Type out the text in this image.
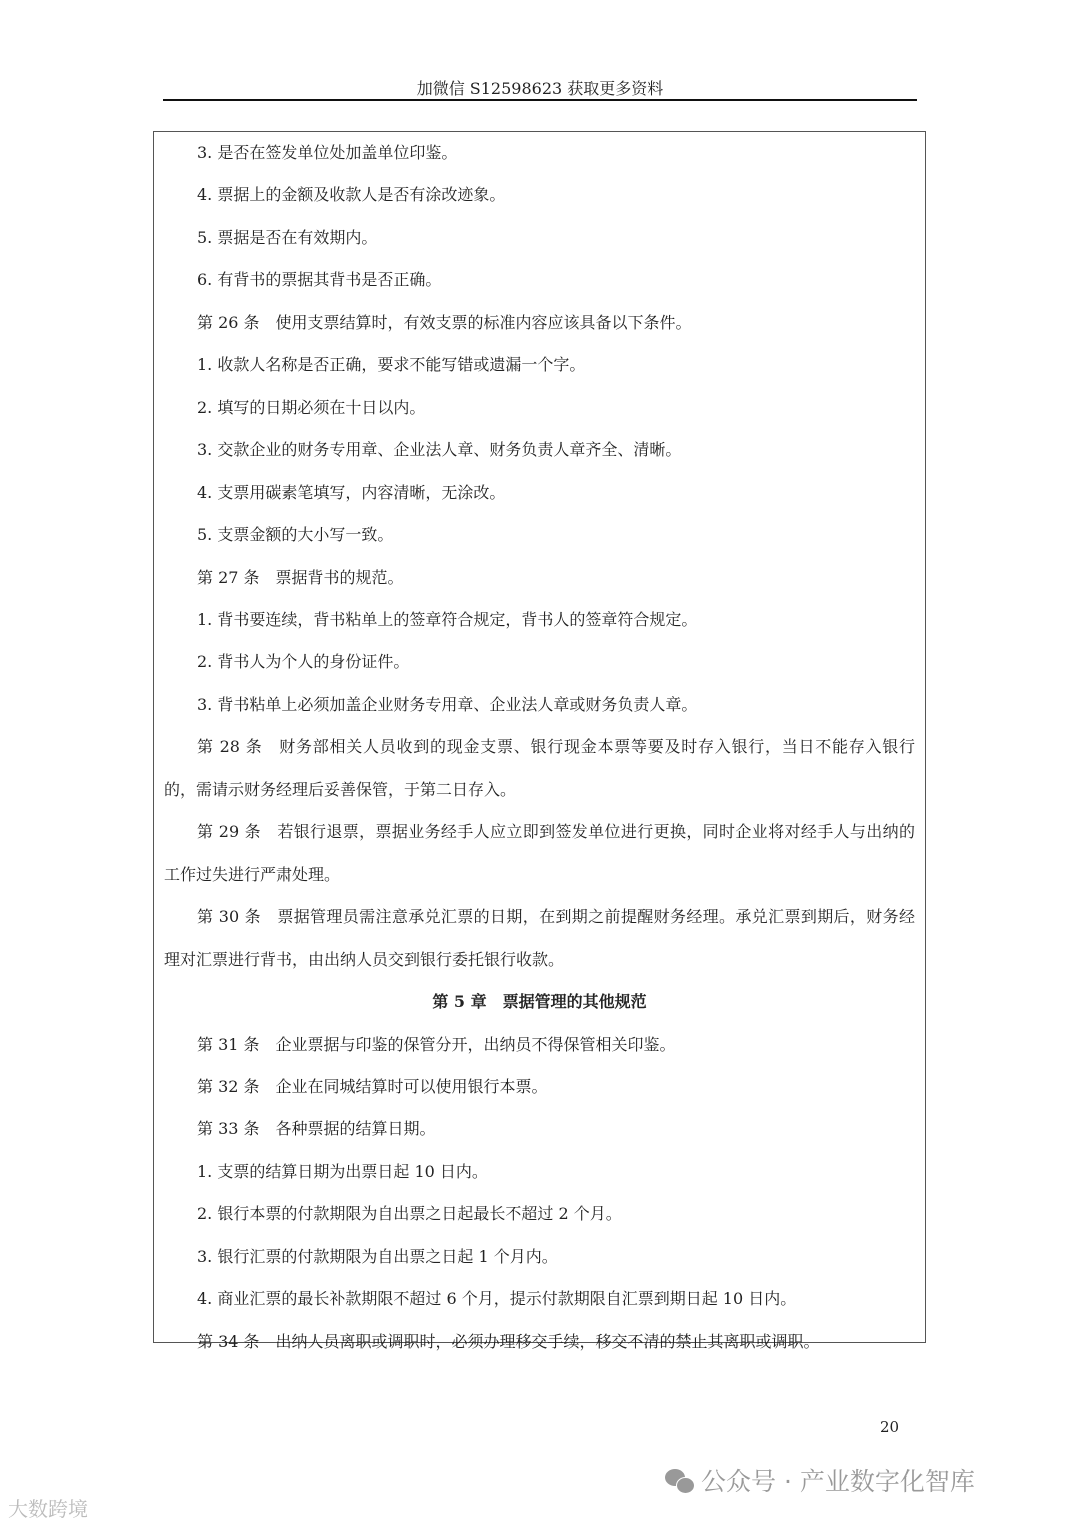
加微信 S12598623 获取更多资料

3. 是否在签发单位处加盖单位印鉴。

4. 票据上的金额及收款人是否有涂改迹象。

5. 票据是否在有效期内。

6. 有背书的票据其背书是否正确。

第 26 条　使用支票结算时，有效支票的标准内容应该具备以下条件。

1. 收款人名称是否正确，要求不能写错或遗漏一个字。

2. 填写的日期必须在十日以内。

3. 交款企业的财务专用章、企业法人章、财务负责人章齐全、清晰。

4. 支票用碳素笔填写，内容清晰，无涂改。

5. 支票金额的大小写一致。

第 27 条　票据背书的规范。

1. 背书要连续，背书粘单上的签章符合规定，背书人的签章符合规定。

2. 背书人为个人的身份证件。

3. 背书粘单上必须加盖企业财务专用章、企业法人章或财务负责人章。

第 28 条　财务部相关人员收到的现金支票、银行现金本票等要及时存入银行，当日不能存入银行的，需请示财务经理后妥善保管，于第二日存入。

第 29 条　若银行退票，票据业务经手人应立即到签发单位进行更换，同时企业将对经手人与出纳的工作过失进行严肃处理。

第 30 条　票据管理员需注意承兑汇票的日期，在到期之前提醒财务经理。承兑汇票到期后，财务经理对汇票进行背书，由出纳人员交到银行委托银行收款。

第 5 章　票据管理的其他规范

第 31 条　企业票据与印鉴的保管分开，出纳员不得保管相关印鉴。

第 32 条　企业在同城结算时可以使用银行本票。

第 33 条　各种票据的结算日期。

1. 支票的结算日期为出票日起 10 日内。

2. 银行本票的付款期限为自出票之日起最长不超过 2 个月。

3. 银行汇票的付款期限为自出票之日起 1 个月内。

4. 商业汇票的最长补款期限不超过 6 个月，提示付款期限自汇票到期日起 10 日内。

第 34 条　出纳人员离职或调职时，必须办理移交手续，移交不清的禁止其离职或调职。

20
公众号 · 产业数字化智库
大数跨境
